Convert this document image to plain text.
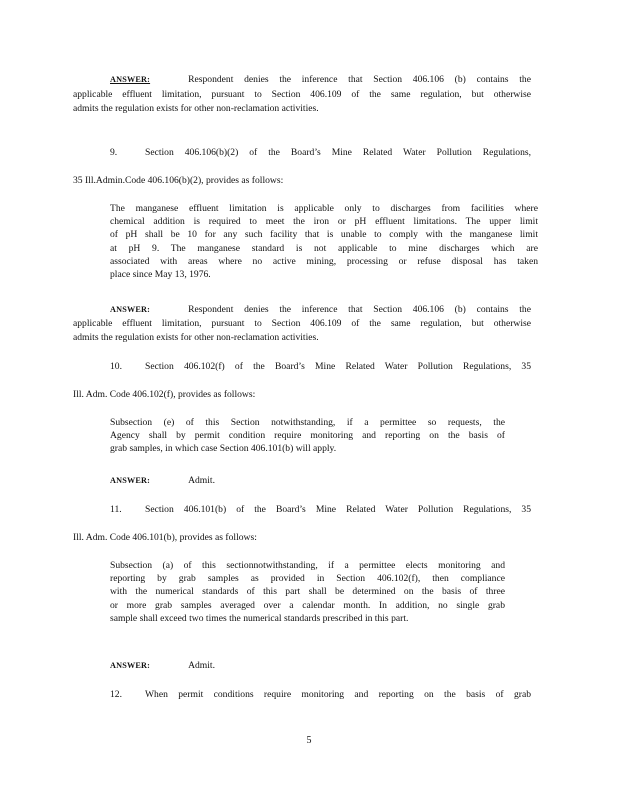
ANSWER:	Respondent denies the inference that Section 406.106 (b) contains the
applicable effluent limitation, pursuant to Section 406.109 of the same regulation, but otherwise
admits the regulation exists for other non-reclamation activities.
9.	Section 406.106(b)(2) of the Board’s Mine Related Water Pollution Regulations,
35 Ill.Admin.Code 406.106(b)(2), provides as follows:
The manganese effluent limitation is applicable only to discharges from facilities where
chemical addition is required to meet the iron or pH effluent limitations. The upper limit
of pH shall be 10 for any such facility that is unable to comply with the manganese limit
at pH 9. The manganese standard is not applicable to mine discharges which are
associated with areas where no active mining, processing or refuse disposal has taken
place since May 13, 1976.
ANSWER:	Respondent denies the inference that Section 406.106 (b) contains the
applicable effluent limitation, pursuant to Section 406.109 of the same regulation, but otherwise
admits the regulation exists for other non-reclamation activities.
10. Section 406.102(f) of the Board’s Mine Related Water Pollution Regulations, 35
Ill. Adm. Code 406.102(f), provides as follows:
Subsection (e) of this Section notwithstanding, if a permittee so requests, the
Agency shall by permit condition require monitoring and reporting on the basis of
grab samples, in which case Section 406.101(b) will apply.
ANSWER:	Admit.
11. Section 406.101(b) of the Board’s Mine Related Water Pollution Regulations, 35
Ill. Adm. Code 406.101(b), provides as follows:
Subsection (a) of this sectionnotwithstanding, if a permittee elects monitoring and
reporting by grab samples as provided in Section 406.102(f), then compliance
with the numerical standards of this part shall be determined on the basis of three
or more grab samples averaged over a calendar month. In addition, no single grab
sample shall exceed two times the numerical standards prescribed in this part.
ANSWER:	Admit.
12. When permit conditions require monitoring and reporting on the basis of grab
5
